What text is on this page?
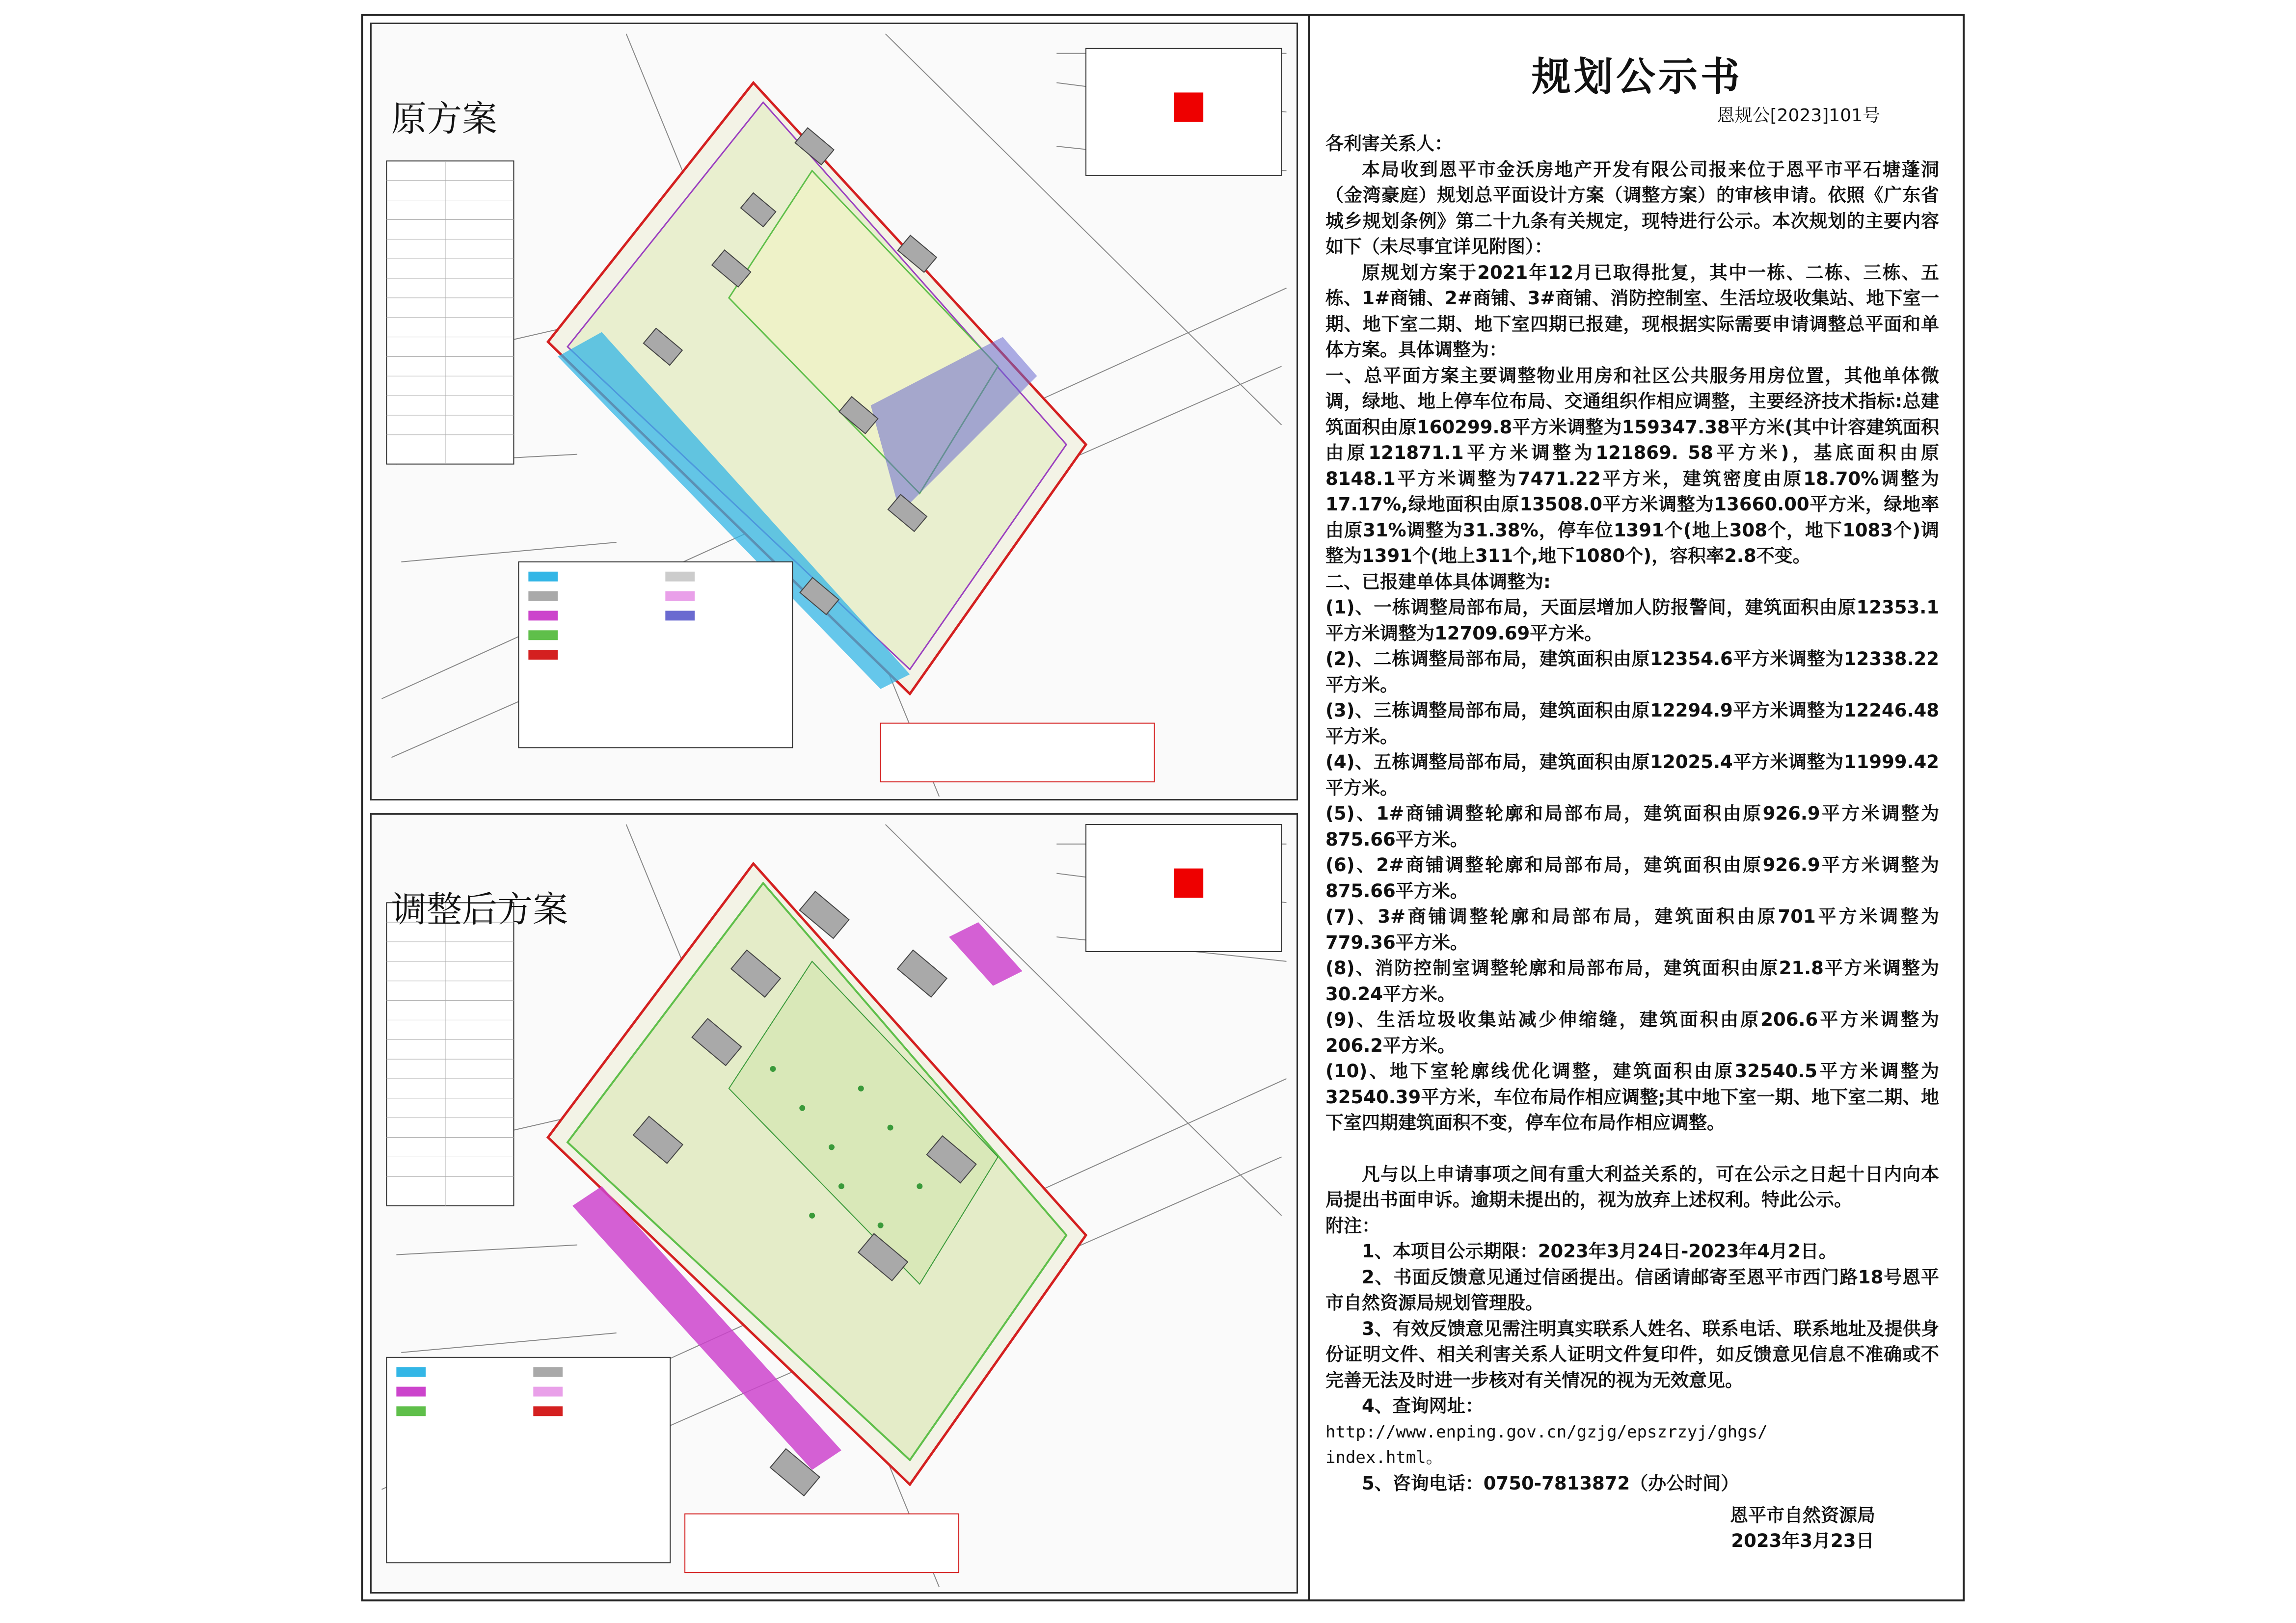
原方案
调整后方案
规划公示书
恩规公[2023]101号

各利害关系人：

本局收到恩平市金沃房地产开发有限公司报来位于恩平市平石塘蓬洞（金湾豪庭）规划总平面设计方案（调整方案）的审核申请。依照《广东省城乡规划条例》第二十九条有关规定，现特进行公示。本次规划的主要内容如下（未尽事宜详见附图）：

原规划方案于2021年12月已取得批复，其中一栋、二栋、三栋、五栋、1#商铺、2#商铺、3#商铺、消防控制室、生活垃圾收集站、地下室一期、地下室二期、地下室四期已报建，现根据实际需要申请调整总平面和单体方案。具体调整为：

一、总平面方案主要调整物业用房和社区公共服务用房位置，其他单体微调，绿地、地上停车位布局、交通组织作相应调整，主要经济技术指标:总建筑面积由原160299.8平方米调整为159347.38平方米(其中计容建筑面积由原121871.1平方米调整为121869. 58平方米)，基底面积由原8148.1平方米调整为7471.22平方米，建筑密度由原18.70%调整为17.17%,绿地面积由原13508.0平方米调整为13660.00平方米，绿地率由原31%调整为31.38%，停车位1391个(地上308个，地下1083个)调整为1391个(地上311个,地下1080个)，容积率2.8不变。

二、已报建单体具体调整为:

(1)、一栋调整局部布局，天面层增加人防报警间，建筑面积由原12353.1平方米调整为12709.69平方米。

(2)、二栋调整局部布局，建筑面积由原12354.6平方米调整为12338.22平方米。

(3)、三栋调整局部布局，建筑面积由原12294.9平方米调整为12246.48平方米。

(4)、五栋调整局部布局，建筑面积由原12025.4平方米调整为11999.42平方米。

(5)、1#商铺调整轮廓和局部布局，建筑面积由原926.9平方米调整为875.66平方米。

(6)、2#商铺调整轮廓和局部布局，建筑面积由原926.9平方米调整为875.66平方米。

(7)、3#商铺调整轮廓和局部布局，建筑面积由原701平方米调整为779.36平方米。

(8)、消防控制室调整轮廓和局部布局，建筑面积由原21.8平方米调整为30.24平方米。

(9)、生活垃圾收集站减少伸缩缝，建筑面积由原206.6平方米调整为206.2平方米。

(10)、地下室轮廓线优化调整，建筑面积由原32540.5平方米调整为32540.39平方米，车位布局作相应调整;其中地下室一期、地下室二期、地下室四期建筑面积不变，停车位布局作相应调整。

凡与以上申请事项之间有重大利益关系的，可在公示之日起十日内向本局提出书面申诉。逾期未提出的，视为放弃上述权利。特此公示。

附注：

1、本项目公示期限：2023年3月24日-2023年4月2日。

2、书面反馈意见通过信函提出。信函请邮寄至恩平市西门路18号恩平市自然资源局规划管理股。

3、有效反馈意见需注明真实联系人姓名、联系电话、联系地址及提供身份证明文件、相关利害关系人证明文件复印件，如反馈意见信息不准确或不完善无法及时进一步核对有关情况的视为无效意见。

4、查询网址：

http://www.enping.gov.cn/gzjg/epszrzyj/ghgs/

index.html。

5、咨询电话：0750-7813872（办公时间）

恩平市自然资源局
2023年3月23日
